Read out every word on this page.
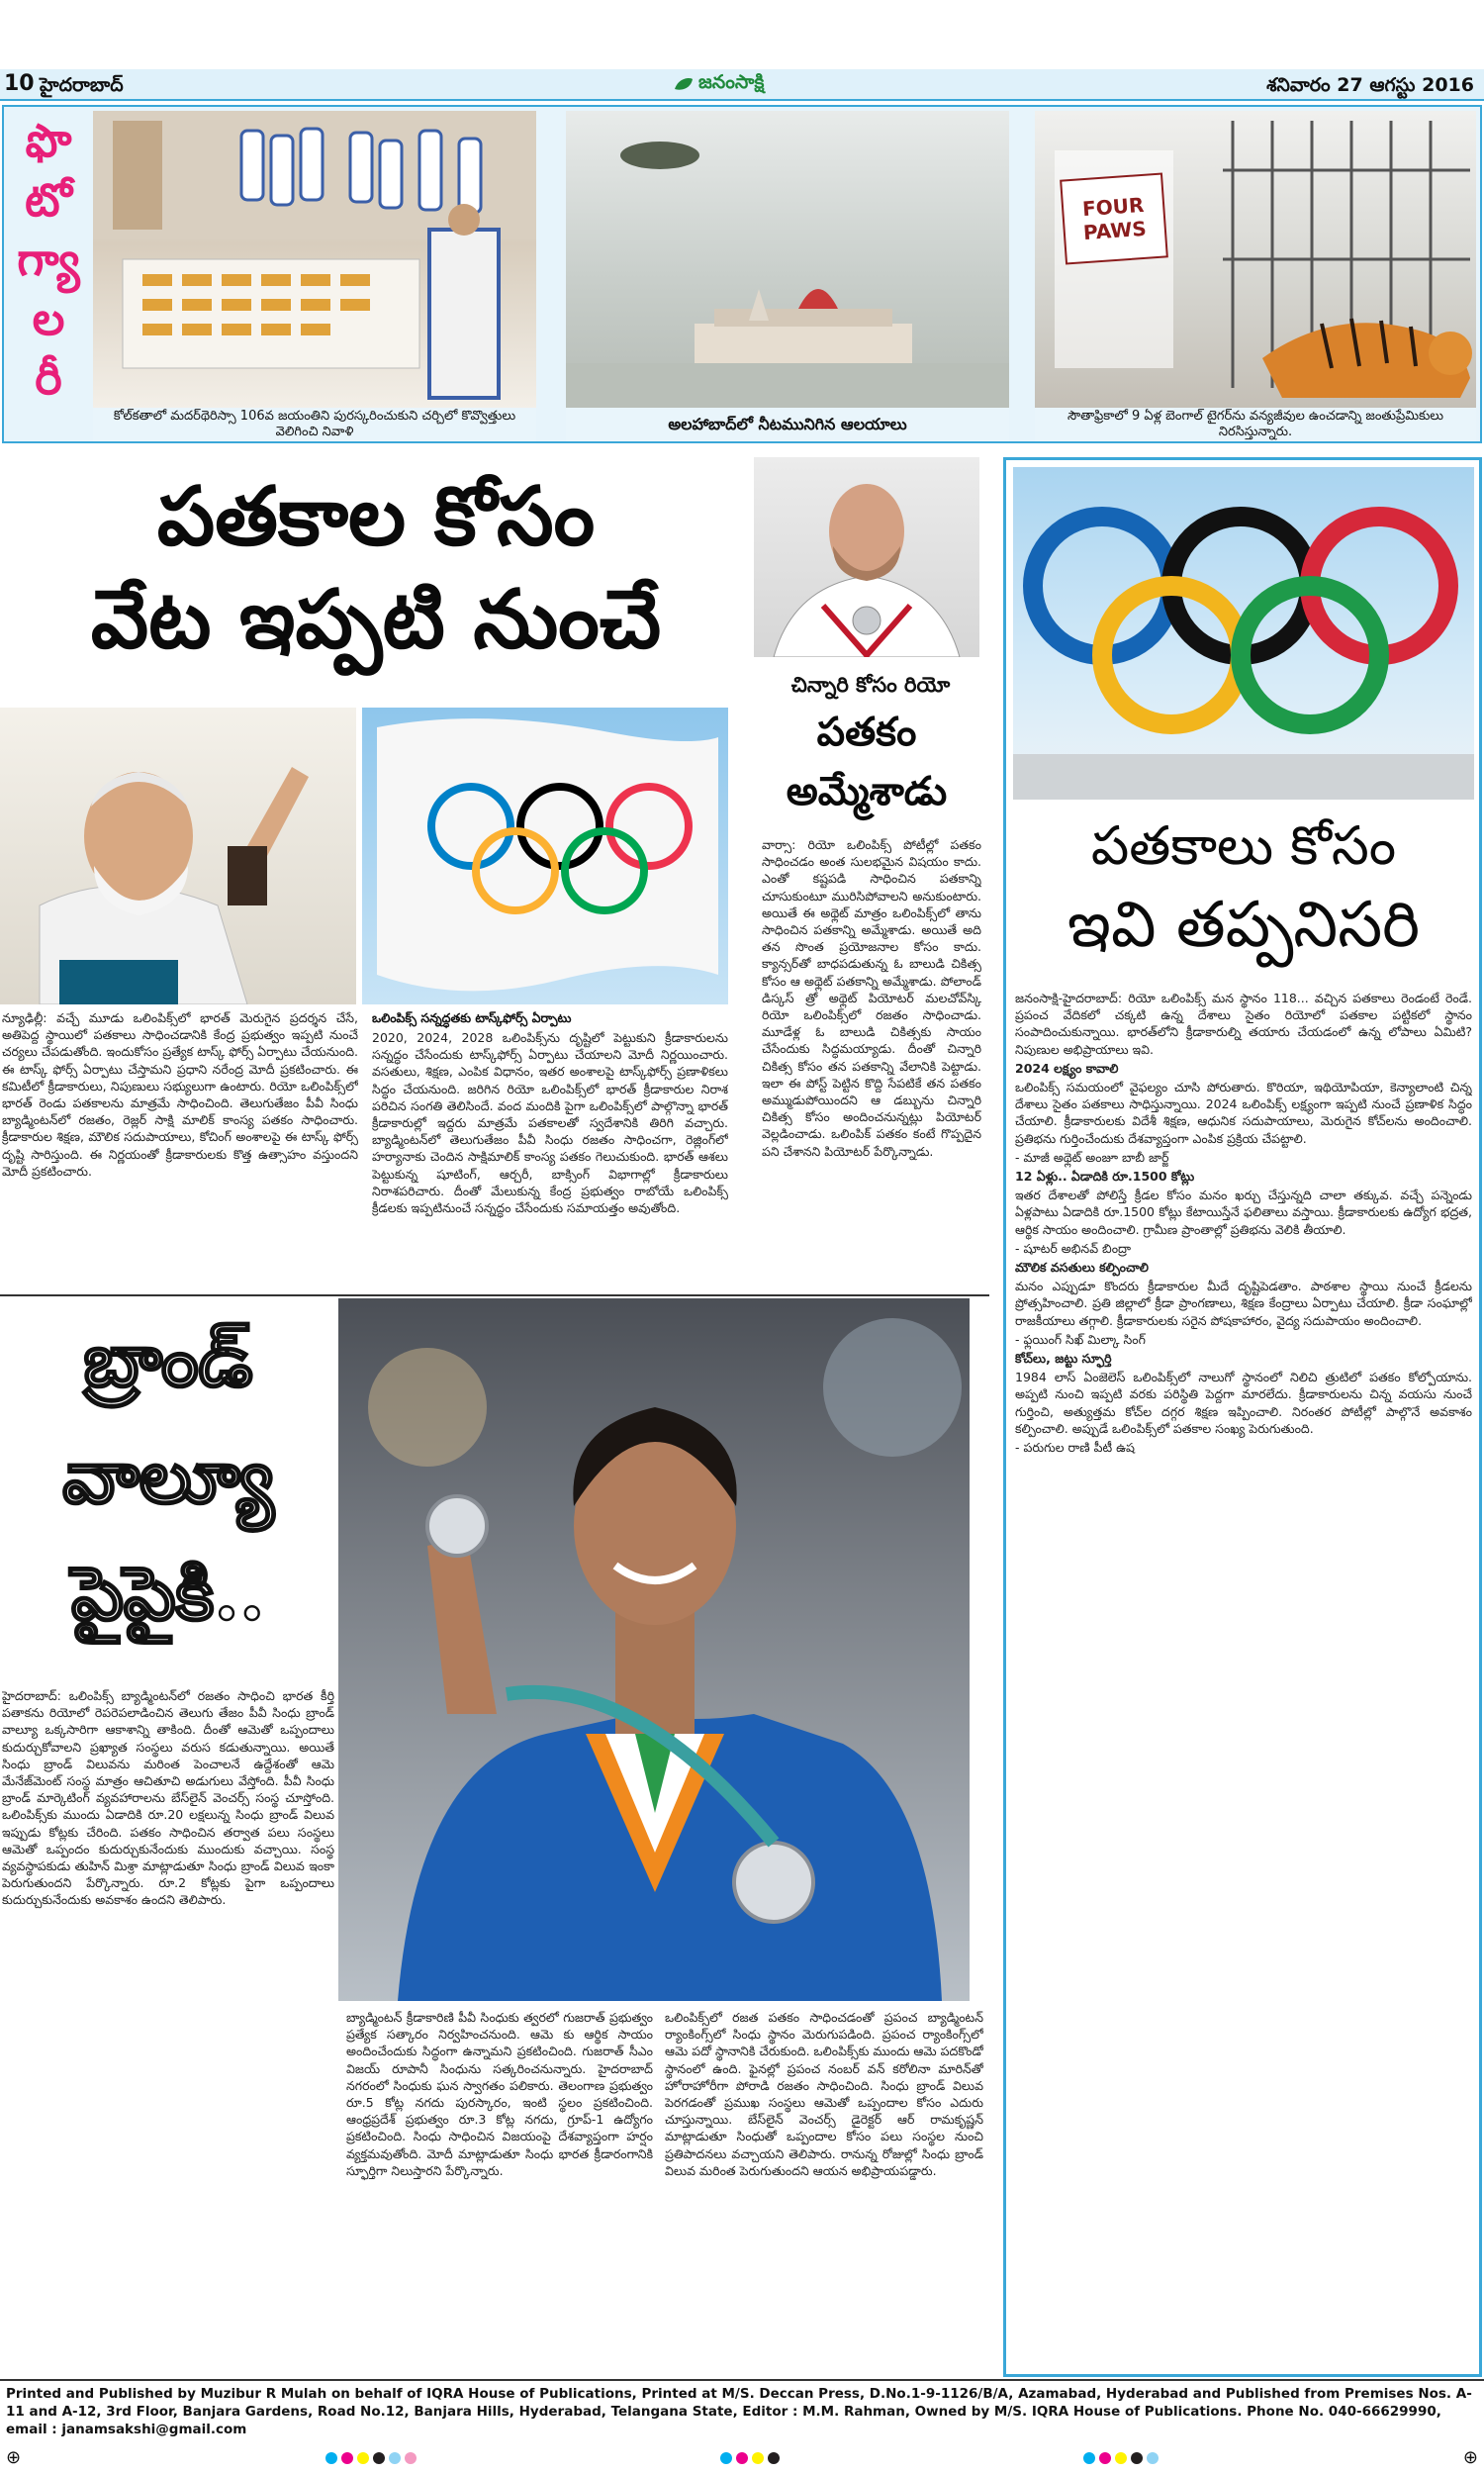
10 హైదరాబాద్	జనంసాక్షి	శనివారం 27 ఆగస్టు 2016
ఫొ
టో
గ్యా
ల
రీ
FOUR
PAWS
కోల్‌కతాలో మదర్‌థెరిస్సా 106వ జయంతిని పురస్కరించుకుని చర్చిలో కొవ్వొత్తులు వెలిగించి నివాళి	అలహాబాద్‌లో నీటమునిగిన ఆలయాలు	సౌతాఫ్రికాలో 9 ఏళ్ల బెంగాల్ టైగర్‌ను వన్యజీవుల ఉంచడాన్ని జంతుప్రేమికులు నిరసిస్తున్నారు.
పతకాల కోసం
వేట ఇప్పటి నుంచే
న్యూఢిల్లీ: వచ్చే మూడు ఒలింపిక్స్‌లో భారత్ మెరుగైన ప్రదర్శన చేసే, అతిపెద్ద స్థాయిలో పతకాలు సాధించడానికి కేంద్ర ప్రభుత్వం ఇప్పటి నుంచే చర్యలు చేపడుతోంది. ఇందుకోసం ప్రత్యేక టాస్క్ ఫోర్స్ ఏర్పాటు చేయనుంది. ఈ టాస్క్ ఫోర్స్ ఏర్పాటు చేస్తామని ప్రధాని నరేంద్ర మోదీ ప్రకటించారు. ఈ కమిటీలో క్రీడాకారులు, నిపుణులు సభ్యులుగా ఉంటారు. రియో ఒలింపిక్స్‌లో భారత్ రెండు పతకాలను మాత్రమే సాధించింది. తెలుగుతేజం పీవీ సింధు బ్యాడ్మింటన్‌లో రజతం, రెజ్లర్ సాక్షి మాలిక్ కాంస్య పతకం సాధించారు. క్రీడాకారుల శిక్షణ, మౌలిక సదుపాయాలు, కోచింగ్ అంశాలపై ఈ టాస్క్ ఫోర్స్ దృష్టి సారిస్తుంది. ఈ నిర్ణయంతో క్రీడాకారులకు కొత్త ఉత్సాహం వస్తుందని మోదీ ప్రకటించారు.
ఒలింపిక్స్ సన్నద్ధతకు టాస్క్‌ఫోర్స్ ఏర్పాటు
2020, 2024, 2028 ఒలింపిక్స్‌ను దృష్టిలో పెట్టుకుని క్రీడాకారులను సన్నద్ధం చేసేందుకు టాస్క్‌ఫోర్స్ ఏర్పాటు చేయాలని మోదీ నిర్ణయించారు. వసతులు, శిక్షణ, ఎంపిక విధానం, ఇతర అంశాలపై టాస్క్‌ఫోర్స్ ప్రణాళికలు సిద్ధం చేయనుంది. జరిగిన రియో ఒలింపిక్స్‌లో భారత్ క్రీడాకారుల నిరాశ పరిచిన సంగతి తెలిసిందే. వంద మందికి పైగా ఒలింపిక్స్‌లో పాల్గొన్నా భారత్ క్రీడాకారుల్లో ఇద్దరు మాత్రమే పతకాలతో స్వదేశానికి తిరిగి వచ్చారు. బ్యాడ్మింటన్‌లో తెలుగుతేజం పీవీ సింధు రజతం సాధించగా, రెజ్లింగ్‌లో హర్యానాకు చెందిన సాక్షిమాలిక్ కాంస్య పతకం గెలుచుకుంది. భారత్ ఆశలు పెట్టుకున్న షూటింగ్, ఆర్చరీ, బాక్సింగ్ విభాగాల్లో క్రీడాకారులు నిరాశపరిచారు. దీంతో మేలుకున్న కేంద్ర ప్రభుత్వం రాబోయే ఒలింపిక్స్ క్రీడలకు ఇప్పటినుంచే సన్నద్ధం చేసేందుకు సమాయత్తం అవుతోంది.
చిన్నారి కోసం రియో
పతకం
అమ్మేశాడు
వార్సా: రియో ఒలింపిక్స్ పోటీల్లో పతకం సాధించడం అంత సులభమైన విషయం కాదు. ఎంతో కష్టపడి సాధించిన పతకాన్ని చూసుకుంటూ మురిసిపోవాలని అనుకుంటారు. అయితే ఈ అథ్లెట్ మాత్రం ఒలింపిక్స్‌లో తాను సాధించిన పతకాన్ని అమ్మేశాడు. అయితే అది తన సొంత ప్రయోజనాల కోసం కాదు. క్యాన్సర్‌తో బాధపడుతున్న ఓ బాలుడి చికిత్స కోసం ఆ అథ్లెట్ పతకాన్ని అమ్మేశాడు. పోలాండ్ డిస్కస్ త్రో అథ్లెట్ పియోటర్ మలచోవ్‌స్కి రియో ఒలింపిక్స్‌లో రజతం సాధించాడు. మూడేళ్ల ఓ బాలుడి చికిత్సకు సాయం చేసేందుకు సిద్ధమయ్యాడు. దీంతో చిన్నారి చికిత్స కోసం తన పతకాన్ని వేలానికి పెట్టాడు. ఇలా ఈ పోస్ట్ పెట్టిన కొద్ది సేపటికే తన పతకం అమ్ముడుపోయిందని ఆ డబ్బును చిన్నారి చికిత్స కోసం అందించనున్నట్లు పియోటర్ వెల్లడించాడు. ఒలింపిక్ పతకం కంటే గొప్పదైన పని చేశానని పియోటర్ పేర్కొన్నాడు.
పతకాలు కోసం
ఇవి తప్పనిసరి

జనంసాక్షి-హైదరాబాద్: రియో ఒలింపిక్స్ మన స్థానం 118... వచ్చిన పతకాలు రెండంటే రెండే. ప్రపంచ వేదికలో చక్కటి ఉన్న దేశాలు సైతం రియోలో పతకాల పట్టికలో స్థానం సంపాదించుకున్నాయి. భారత్‌లోని క్రీడాకారుల్ని తయారు చేయడంలో ఉన్న లోపాలు ఏమిటి? నిపుణుల అభిప్రాయాలు ఇవి.

2024 లక్ష్యం కావాలి

ఒలింపిక్స్ సమయంలో వైఫల్యం చూసి పోరుతారు. కొరియా, ఇథియోపియా, కెన్యాలాంటి చిన్న దేశాలు సైతం పతకాలు సాధిస్తున్నాయి. 2024 ఒలింపిక్స్‌ లక్ష్యంగా ఇప్పటి నుంచే ప్రణాళిక సిద్ధం చేయాలి. క్రీడాకారులకు విదేశీ శిక్షణ, ఆధునిక సదుపాయాలు, మెరుగైన కోచ్‌లను అందించాలి. ప్రతిభను గుర్తించేందుకు దేశవ్యాప్తంగా ఎంపిక ప్రక్రియ చేపట్టాలి.

- మాజీ అథ్లెట్ అంజూ బాబీ జార్జ్

12 ఏళ్లు.. ఏడాదికి రూ.1500 కోట్లు

ఇతర దేశాలతో పోలిస్తే క్రీడల కోసం మనం ఖర్చు చేస్తున్నది చాలా తక్కువ. వచ్చే పన్నెండు ఏళ్లపాటు ఏడాదికి రూ.1500 కోట్లు కేటాయిస్తేనే ఫలితాలు వస్తాయి. క్రీడాకారులకు ఉద్యోగ భద్రత, ఆర్థిక సాయం అందించాలి. గ్రామీణ ప్రాంతాల్లో ప్రతిభను వెలికి తీయాలి.

- షూటర్ అభినవ్ బింద్రా

మౌలిక వసతులు కల్పించాలి

మనం ఎప్పుడూ కొందరు క్రీడాకారుల మీదే దృష్టిపెడతాం. పాఠశాల స్థాయి నుంచే క్రీడలను ప్రోత్సహించాలి. ప్రతి జిల్లాలో క్రీడా ప్రాంగణాలు, శిక్షణ కేంద్రాలు ఏర్పాటు చేయాలి. క్రీడా సంఘాల్లో రాజకీయాలు తగ్గాలి. క్రీడాకారులకు సరైన పోషకాహారం, వైద్య సదుపాయం అందించాలి.

- ఫ్లయింగ్ సిఖ్ మిల్కా సింగ్

కోచ్‌లు, జట్టు స్ఫూర్తి

1984 లాస్ ఏంజెలెస్ ఒలింపిక్స్‌లో నాలుగో స్థానంలో నిలిచి త్రుటిలో పతకం కోల్పోయాను. అప్పటి నుంచి ఇప్పటి వరకు పరిస్థితి పెద్దగా మారలేదు. క్రీడాకారులను చిన్న వయసు నుంచే గుర్తించి, అత్యుత్తమ కోచ్‌ల దగ్గర శిక్షణ ఇప్పించాలి. నిరంతర పోటీల్లో పాల్గొనే అవకాశం కల్పించాలి. అప్పుడే ఒలింపిక్స్‌లో పతకాల సంఖ్య పెరుగుతుంది.

- పరుగుల రాణి పీటీ ఉష

బ్రాండ్
వాల్యూ
పైపైకి..
హైదరాబాద్: ఒలింపిక్స్ బ్యాడ్మింటన్‌లో రజతం సాధించి భారత కీర్తి పతాకను రియోలో రెపరెపలాడించిన తెలుగు తేజం పీవీ సింధు బ్రాండ్ వాల్యూ ఒక్కసారిగా ఆకాశాన్ని తాకింది. దీంతో ఆమెతో ఒప్పందాలు కుదుర్చుకోవాలని ప్రఖ్యాత సంస్థలు వరుస కడుతున్నాయి. అయితే సింధు బ్రాండ్ విలువను మరింత పెంచాలనే ఉద్దేశంతో ఆమె మేనేజ్‌మెంట్ సంస్థ మాత్రం ఆచితూచి అడుగులు వేస్తోంది. పీవీ సింధు బ్రాండ్ మార్కెటింగ్ వ్యవహారాలను బేస్‌లైన్ వెంచర్స్ సంస్థ చూస్తోంది. ఒలింపిక్స్‌కు ముందు ఏడాదికి రూ.20 లక్షలున్న సింధు బ్రాండ్ విలువ ఇప్పుడు కోట్లకు చేరింది. పతకం సాధించిన తర్వాత పలు సంస్థలు ఆమెతో ఒప్పందం కుదుర్చుకునేందుకు ముందుకు వచ్చాయి. సంస్థ వ్యవస్థాపకుడు తుహిన్ మిశ్రా మాట్లాడుతూ సింధు బ్రాండ్ విలువ ఇంకా పెరుగుతుందని పేర్కొన్నారు. రూ.2 కోట్లకు పైగా ఒప్పందాలు కుదుర్చుకునేందుకు అవకాశం ఉందని తెలిపారు.
బ్యాడ్మింటన్ క్రీడాకారిణి పీవీ సింధుకు త్వరలో గుజరాత్ ప్రభుత్వం ప్రత్యేక సత్కారం నిర్వహించనుంది. ఆమె కు ఆర్థిక సాయం అందించేందుకు సిద్ధంగా ఉన్నామని ప్రకటించింది. గుజరాత్ సీఎం విజయ్ రూపానీ సింధును సత్కరించనున్నారు. హైదరాబాద్ నగరంలో సింధుకు ఘన స్వాగతం పలికారు. తెలంగాణ ప్రభుత్వం రూ.5 కోట్ల నగదు పురస్కారం, ఇంటి స్థలం ప్రకటించింది. ఆంధ్రప్రదేశ్ ప్రభుత్వం రూ.3 కోట్ల నగదు, గ్రూప్-1 ఉద్యోగం ప్రకటించింది. సింధు సాధించిన విజయంపై దేశవ్యాప్తంగా హర్షం వ్యక్తమవుతోంది. మోదీ మాట్లాడుతూ సింధు భారత క్రీడారంగానికి స్ఫూర్తిగా నిలుస్తారని పేర్కొన్నారు.
ఒలింపిక్స్‌లో రజత పతకం సాధించడంతో ప్రపంచ బ్యాడ్మింటన్ ర్యాంకింగ్స్‌లో సింధు స్థానం మెరుగుపడింది. ప్రపంచ ర్యాంకింగ్స్‌లో ఆమె పదో స్థానానికి చేరుకుంది. ఒలింపిక్స్‌కు ముందు ఆమె పదకొండో స్థానంలో ఉంది. ఫైనల్లో ప్రపంచ నంబర్ వన్ కరోలినా మారిన్‌తో హోరాహోరీగా పోరాడి రజతం సాధించింది. సింధు బ్రాండ్ విలువ పెరగడంతో ప్రముఖ సంస్థలు ఆమెతో ఒప్పందాల కోసం ఎదురు చూస్తున్నాయి. బేస్‌లైన్ వెంచర్స్ డైరెక్టర్ ఆర్ రామకృష్ణన్ మాట్లాడుతూ సింధుతో ఒప్పందాల కోసం పలు సంస్థల నుంచి ప్రతిపాదనలు వచ్చాయని తెలిపారు. రానున్న రోజుల్లో సింధు బ్రాండ్ విలువ మరింత పెరుగుతుందని ఆయన అభిప్రాయపడ్డారు.
Printed and Published by Muzibur R Mulah on behalf of IQRA House of Publications, Printed at M/S. Deccan Press, D.No.1-9-1126/B/A, Azamabad, Hyderabad and Published from Premises Nos. A-11 and A-12, 3rd Floor, Banjara Gardens, Road No.12, Banjara Hills, Hyderabad, Telangana State, Editor : M.M. Rahman, Owned by M/S. IQRA House of Publications. Phone No. 040-66629990, email : janamsakshi@gmail.com
⊕	⊕
